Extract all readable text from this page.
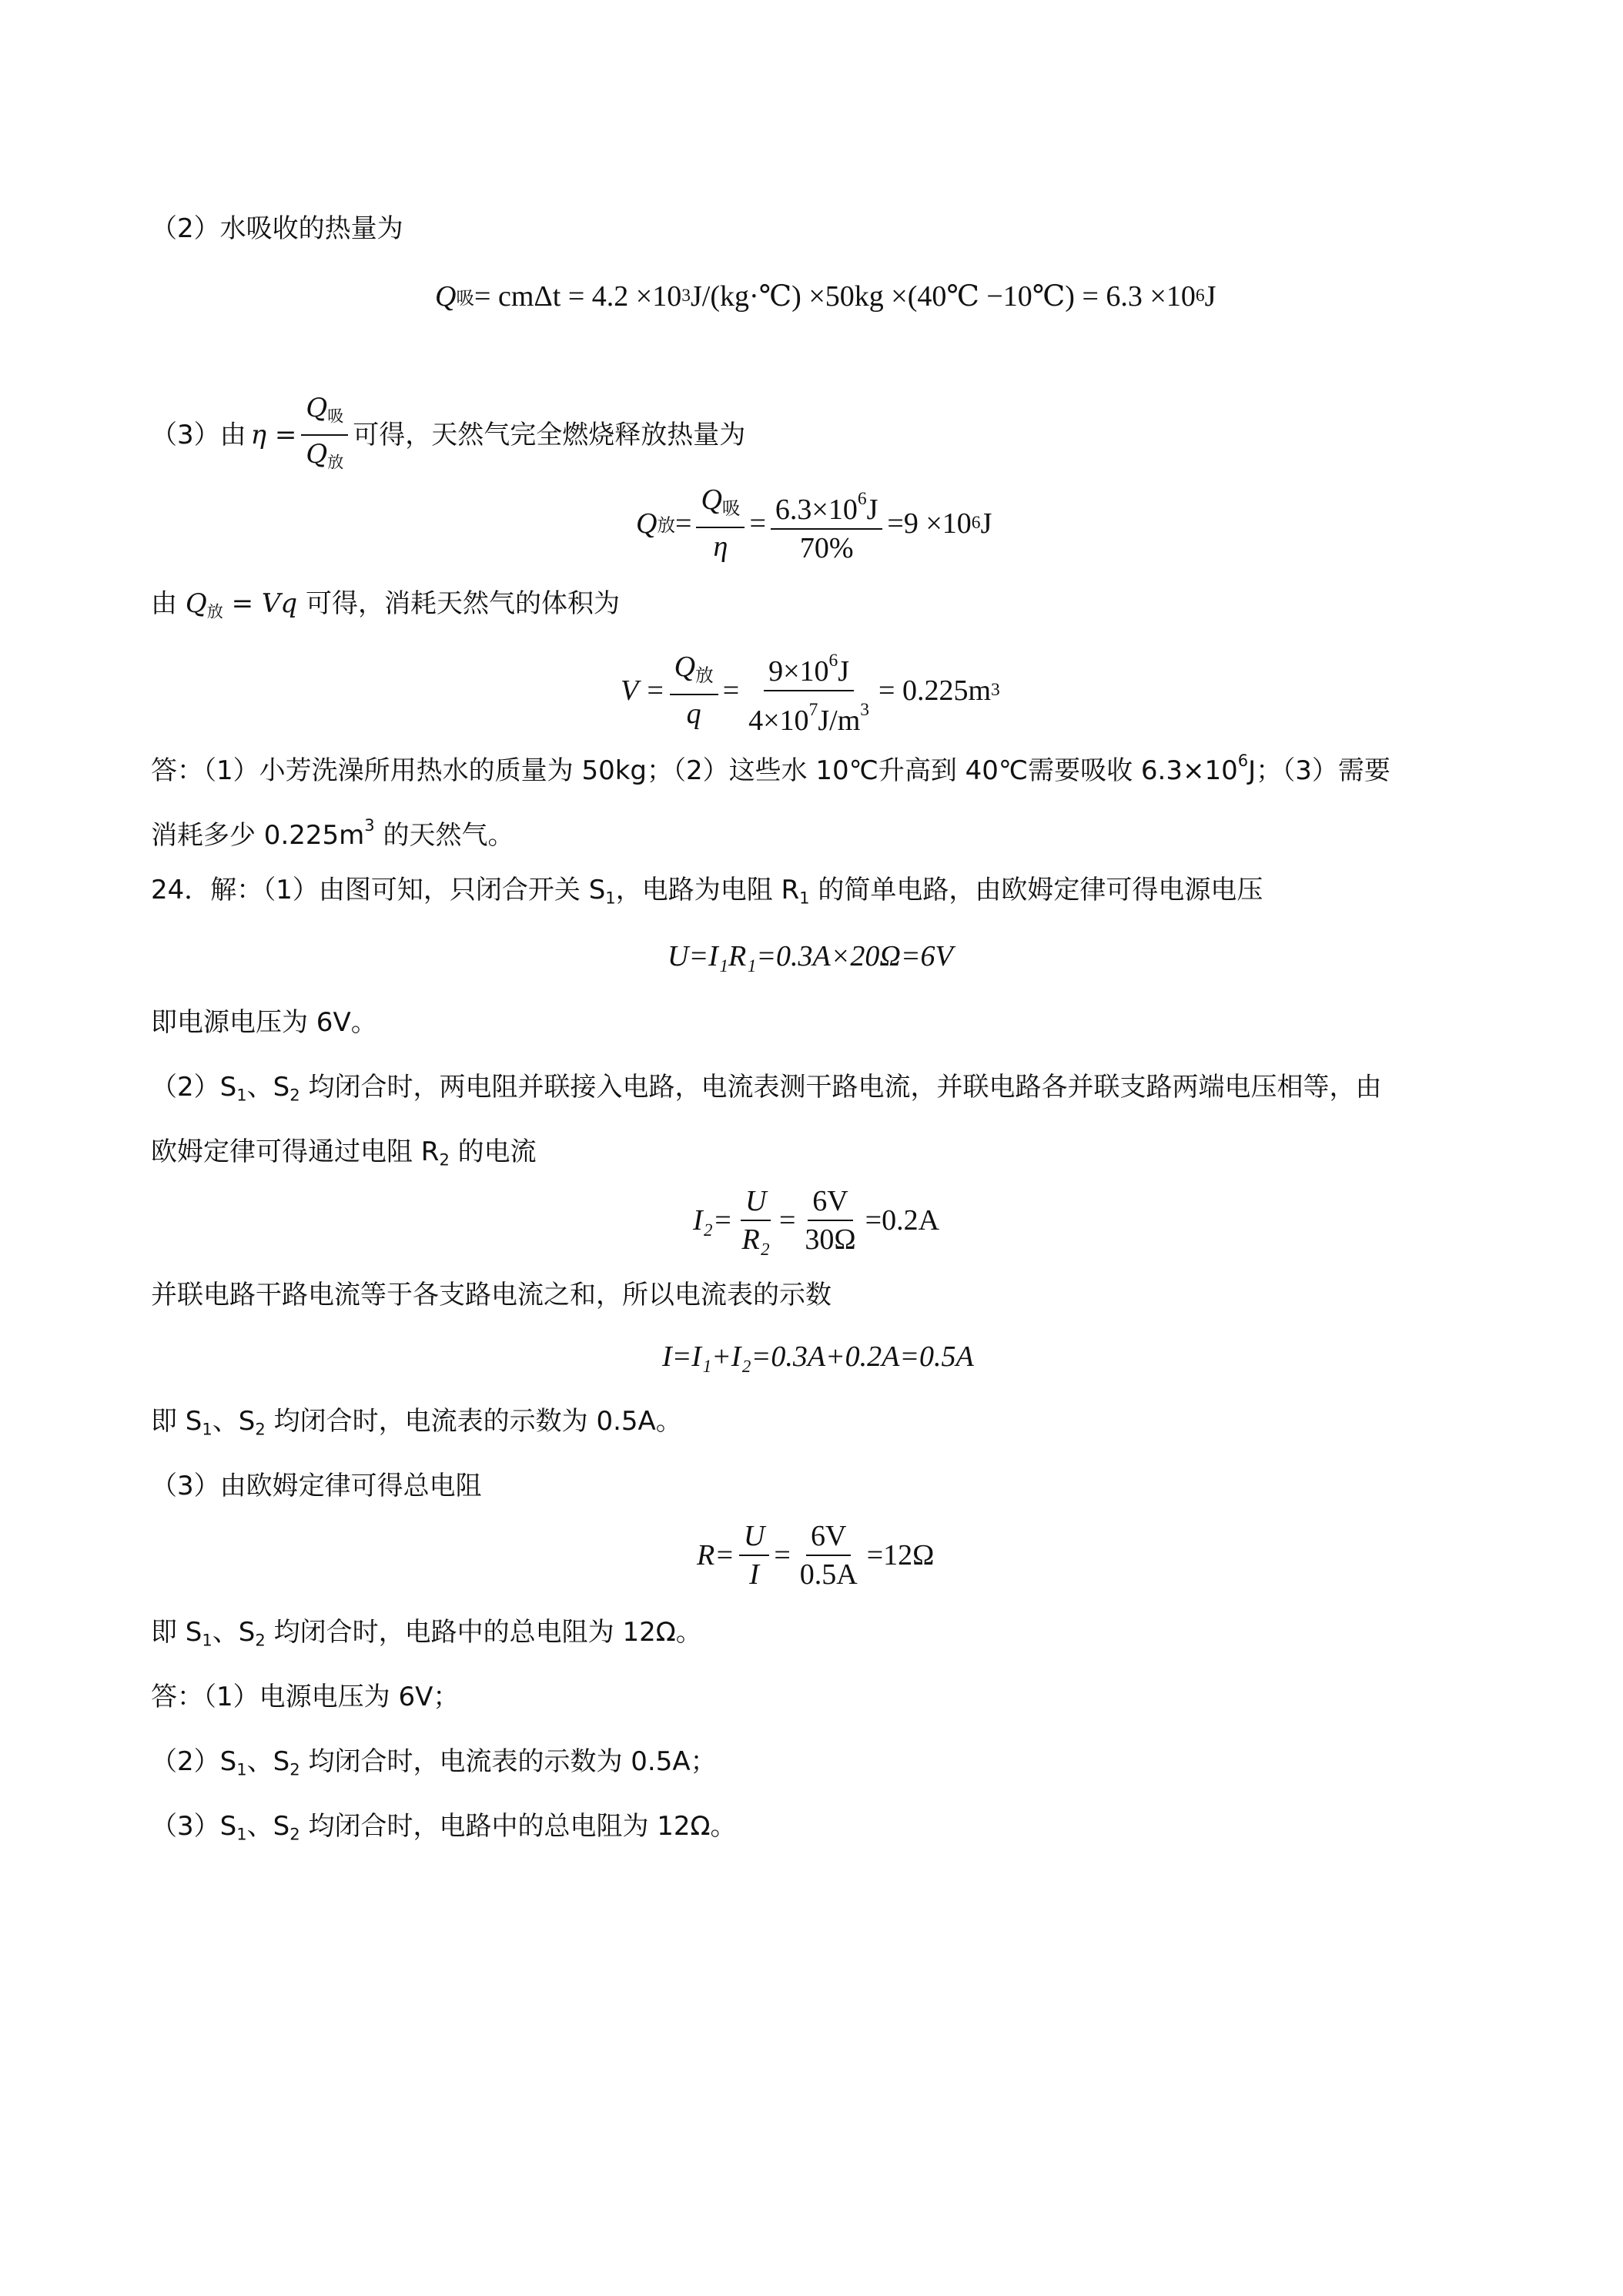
（2）水吸收的热量为
Q 吸 = cmΔt = 4.2 ×10 3 J/(kg·℃) ×50kg ×(40℃ −10℃) = 6.3 ×10 6 J
（3）由 $\eta = \frac{Q_吸}{Q_放}$ 可得，天然气完全燃烧释放热量为
Q 放 = $\frac{Q_吸}{\eta} = \frac{6.3\times 10^6J}{70\%} =9 \times 10$ 6 J
由 $Q_放 = Vq$ 可得，消耗天然气的体积为
$V = \frac{Q_放}{q} = \frac{9\times 10^6J}{4\times 10^7J/m^3} = 0.225m$ 3
答：（1）小芳洗澡所用热水的质量为 50kg；（2）这些水 10℃升高到 40℃需要吸收 $6.3\times 10^6J$；（3）需要
消耗多少 $0.225m^3$ 的天然气。
24．解：（1）由图可知，只闭合开关 $S_1$，电路为电阻 $R_1$ 的简单电路，由欧姆定律可得电源电压
U=I₁R₁=0.3A×20Ω=6V
即电源电压为 6V。
$(2)S_1$、$S_2$ 均闭合时，两电阻并联接入电路，电流表测干路电流，并联电路各并联支路两端电压相等，由
欧姆定律可得通过电阻 $R_2$ 的电流
$I_2= \frac{U}{\text{R₂}} = \frac{6V}{30\Omega} =0.2A$
并联电路干路电流等于各支路电流之和，所以电流表的示数
I=I₁+I₂=0.3A+0.2A=0.5A
即 $S_1$、$S_2$ 均闭合时，电流表的示数为 0.5A。
（3）由欧姆定律可得总电阻
$R= \frac{U}{I} = \frac{6V}{0.5A} =12\Omega$
即 $S_1$、$S_2$ 均闭合时，电路中的总电阻为 12Ω。
答：（1）电源电压为 6V；
$(2)S_1$、$S_2$ 均闭合时，电流表的示数为 0.5A；
$(3)S_1$、$S_2$ 均闭合时，电路中的总电阻为 12Ω。
